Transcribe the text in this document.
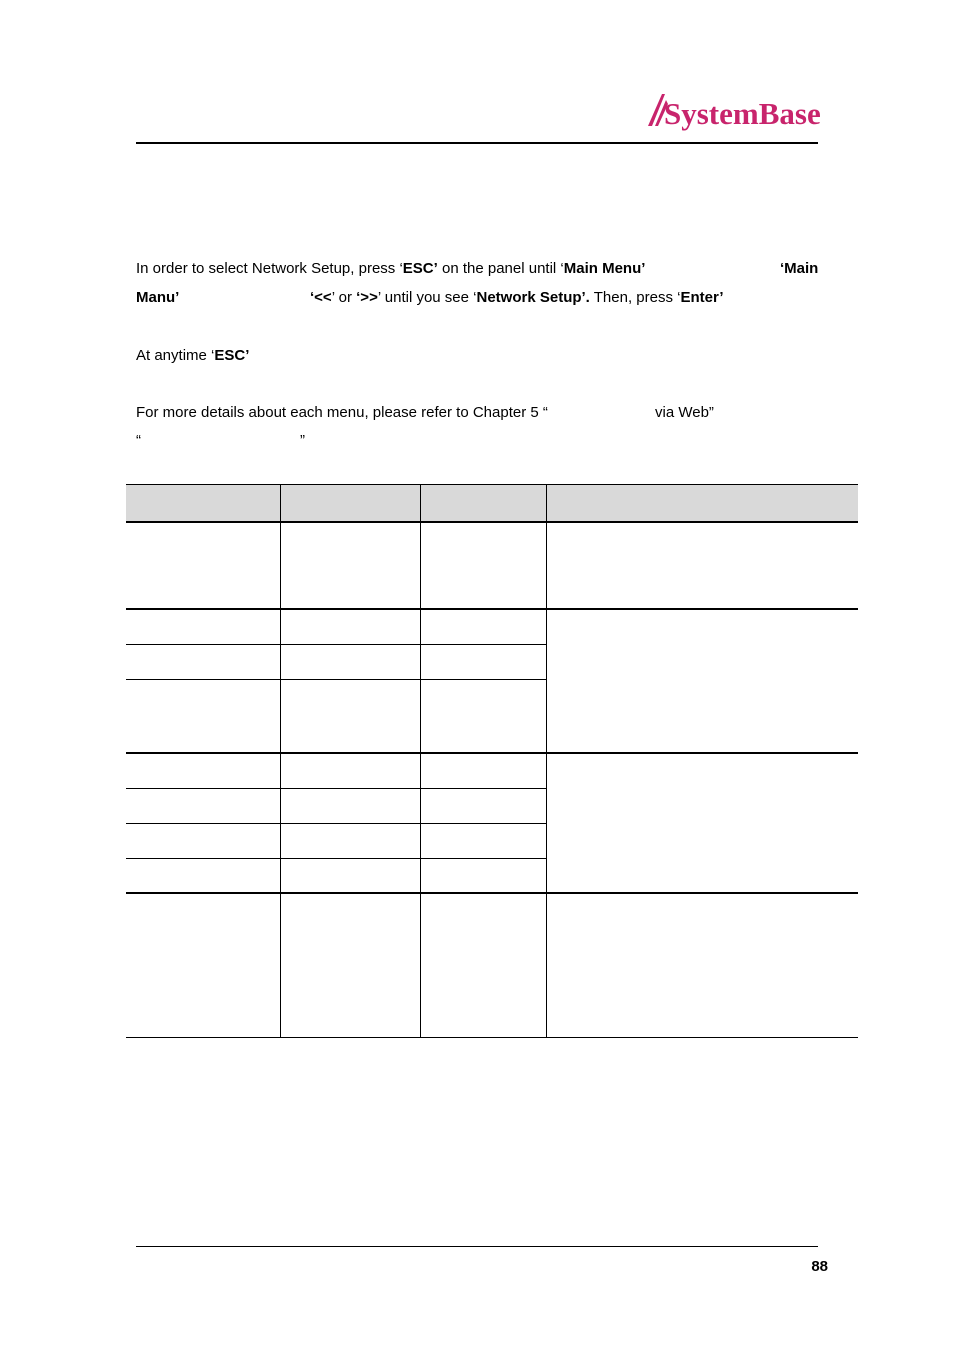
SystemBase
In order to select Network Setup, press ‘ESC’ on the panel until ‘Main Menu’	‘Main
Manu’	‘<<’ or ‘>>’ until you see ‘Network Setup’. Then, press ‘Enter’
At anytime ‘ESC’
For more details about each menu, please refer to Chapter 5 “	via Web”
“	”

88
